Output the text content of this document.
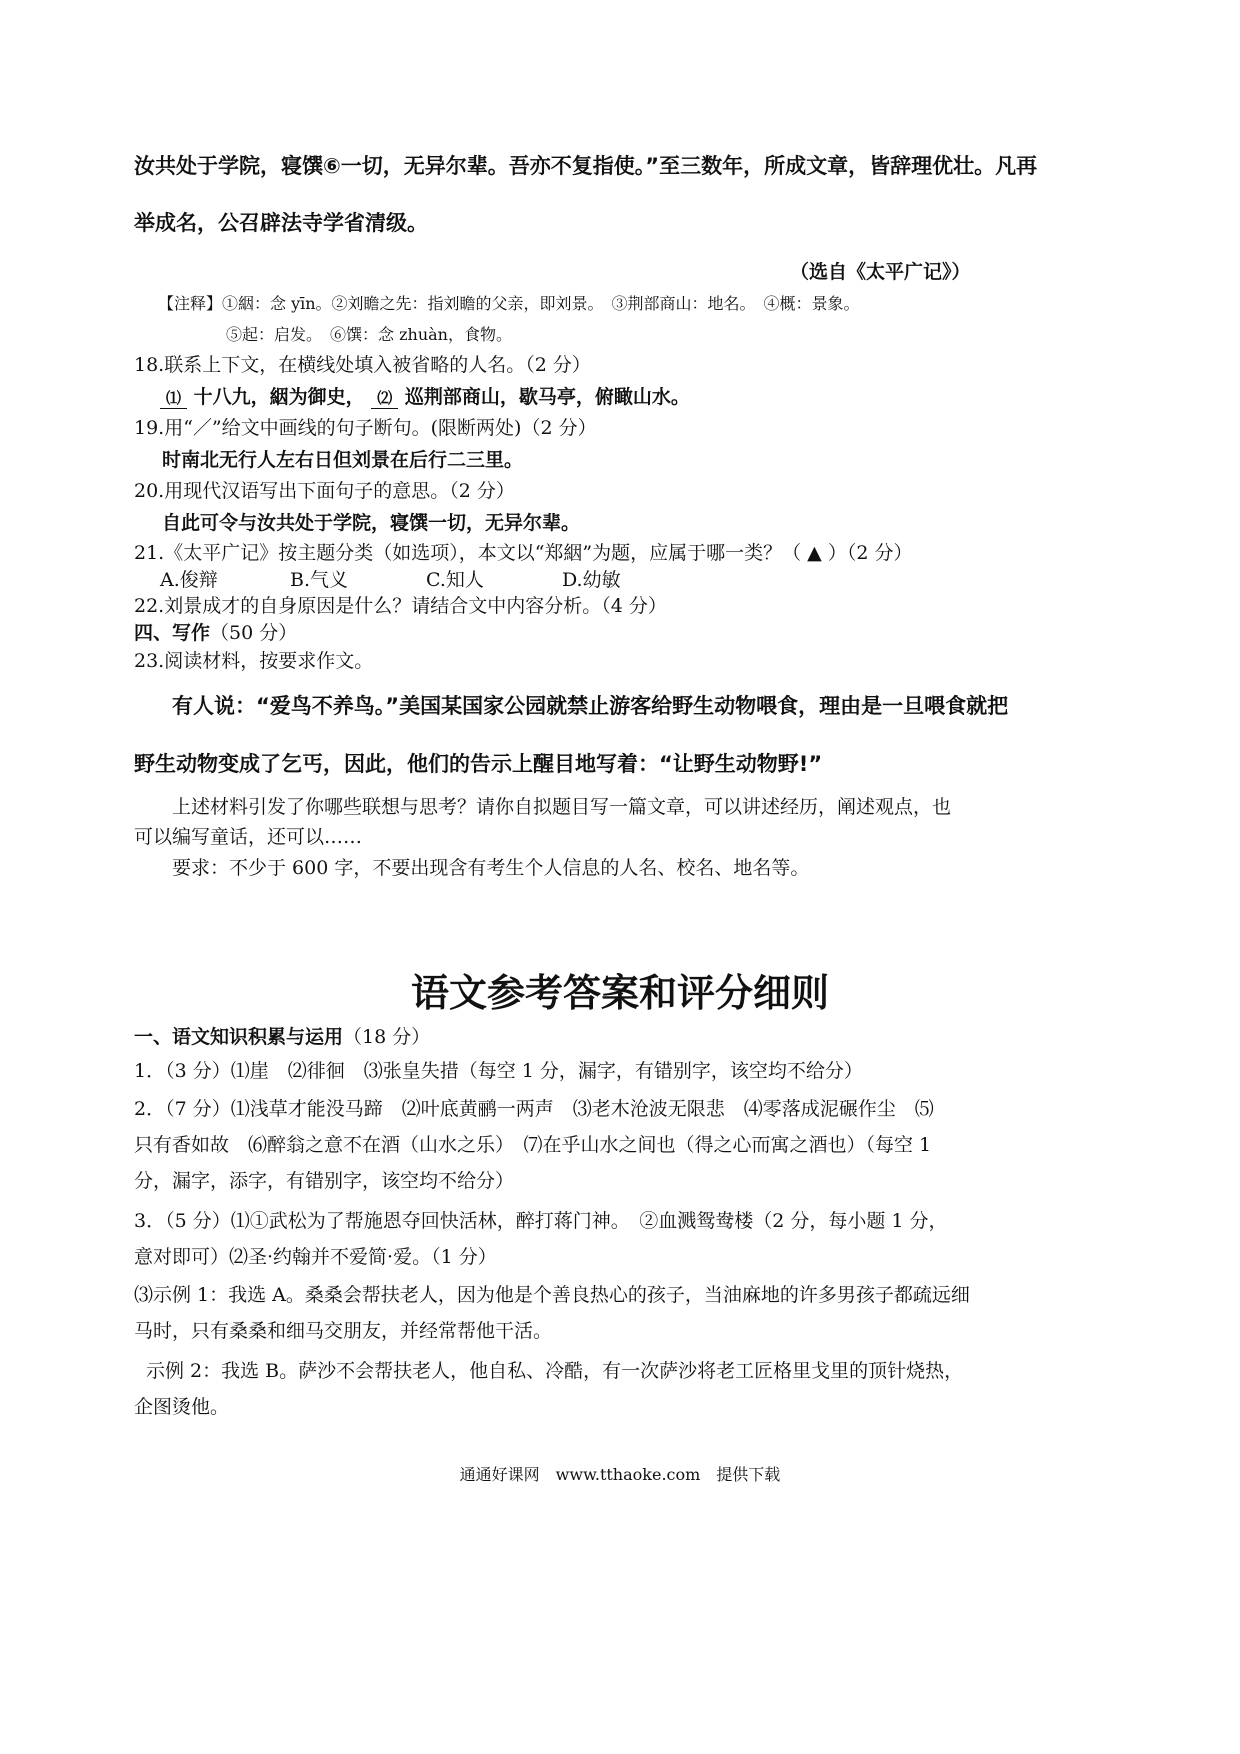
汝共处于学院，寝馔⑥一切，无异尔辈。吾亦不复指使。”至三数年，所成文章，皆辞理优壮。凡再
举成名，公召辟法寺学省清级。
（选自《太平广记》）
【注释】①絪：念 yīn。②刘瞻之先：指刘瞻的父亲，即刘景。　③荆部商山：地名。　④概：景象。
⑤起：启发。　⑥馔：念 zhuàn，食物。
18.联系上下文，在横线处填入被省略的人名。（2 分）
⑴ 十八九，絪为御史， ⑵ 巡荆部商山，歇马亭，俯瞰山水。
19.用“／”给文中画线的句子断句。(限断两处)（2 分）
时南北无行人左右日但刘景在后行二三里。
20.用现代汉语写出下面句子的意思。（2 分）
自此可令与汝共处于学院，寝馔一切，无异尔辈。
21.《太平广记》按主题分类（如选项），本文以“郑絪”为题，应属于哪一类？（ ▲ ）（2 分）
A.俊辩	B.气义	C.知人	D.幼敏
22.刘景成才的自身原因是什么？请结合文中内容分析。（4 分）
四、写作（50 分）
23.阅读材料，按要求作文。
有人说：“爱鸟不养鸟。”美国某国家公园就禁止游客给野生动物喂食，理由是一旦喂食就把
野生动物变成了乞丐，因此，他们的告示上醒目地写着：“让野生动物野!”
上述材料引发了你哪些联想与思考？请你自拟题目写一篇文章，可以讲述经历，阐述观点，也
可以编写童话，还可以……
要求：不少于 600 字，不要出现含有考生个人信息的人名、校名、地名等。
语文参考答案和评分细则
一、语文知识积累与运用（18 分）
1．（3 分）⑴崖　⑵徘徊　⑶张皇失措（每空 1 分，漏字，有错别字，该空均不给分）
2．（7 分）⑴浅草才能没马蹄　⑵叶底黄鹂一两声　⑶老木沧波无限悲　⑷零落成泥碾作尘　⑸
只有香如故　⑹醉翁之意不在酒（山水之乐）　⑺在乎山水之间也（得之心而寓之酒也）（每空 1
分，漏字，添字，有错别字，该空均不给分）
3．（5 分）⑴①武松为了帮施恩夺回快活林，醉打蒋门神。　②血溅鸳鸯楼（2 分，每小题 1 分，
意对即可）⑵圣·约翰并不爱简·爱。（1 分）
⑶示例 1：我选 A。桑桑会帮扶老人，因为他是个善良热心的孩子，当油麻地的许多男孩子都疏远细
马时，只有桑桑和细马交朋友，并经常帮他干活。
示例 2：我选 B。萨沙不会帮扶老人，他自私、冷酷，有一次萨沙将老工匠格里戈里的顶针烧热，
企图烫他。
通通好课网　www.tthaoke.com　提供下载
